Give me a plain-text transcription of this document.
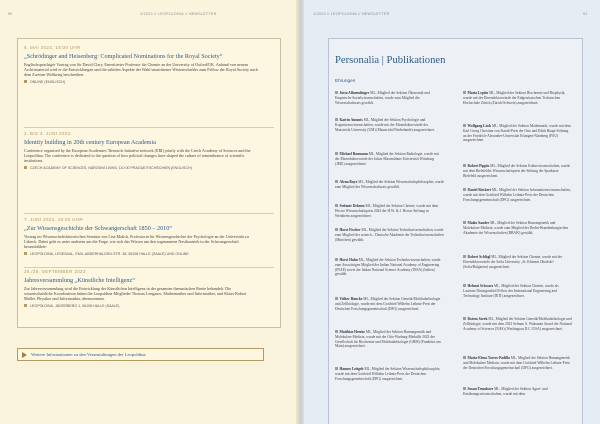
90	1/2023 // LEOPOLDINA // NEWSLETTER	1/2023 // LEOPOLDINA // NEWSLETTER	91
6. MAI 2023, 18:00 UHR
„Schrödinger and Heisenberg: Complicated Nominations for the Royal Society“
Englischsprachiger Vortrag von Sir David Clary, Emeritierter Professor für Chemie an der University of Oxford/UK. Anhand von neuem Archivmaterial wird er die Entwicklungen und die subtilen Aspekte der Wahl umstrittener Wissenschaftler zum Fellow der Royal Society nach dem Zweiten Weltkrieg beschreiben.
ONLINE (ENGLISCH)
2. BIS 4. JUNI 2023
Identity building in 20th century European Academia
Conference organised by the European Academies' Research Initiative network (ERI) jointly with the Czech Academy of Sciences and the Leopoldina. The conference is dedicated to the question of how political changes have shaped the culture of remembrance of scientific institutions.
CZECH ACADEMY OF SCIENCES, NÁRODNÍ 1009/3, 110 00 PRAGUE/TSCHECHIEN (ENGLISCH)
7. JUNI 2023, 18:00 UHR
„Zur Wissensgeschichte der Schwangerschaft 1850 – 2010“
Vortrag im Wissenschaftshistorischen Seminar von Lisa Malich, Professorin für Wissensgeschichte der Psychologie an der Universität zu Lübeck. Dabei geht es unter anderem um die Frage, wie sich das Wissen um den sogenannten Nestbautrieb in der Schwangerschaft herausbildete.
LEOPOLDINA, LESESAAL, EMIL-ABDERHALDEN-STR. 36, 06108 HALLE (SAALE) UND ONLINE
25./26. SEPTEMBER 2023
Jahresversammlung „Künstliche Intelligenz“
Zur Jahresversammlung wird die Entwicklung der Künstlichen Intelligenz in der gesamten thematischen Breite behandelt. Die wissenschaftliche Koordination haben die Leopoldina-Mitglieder Thomas Lengauer, Mathematiker und Informatiker, und Klaus-Robert Müller, Physiker und Informatiker, übernommen.
LEOPOLDINA, JÄGERBERG 1, 06108 HALLE (SAALE)
Weitere Informationen zu den Veranstaltungen der Leopoldina
Personalia | Publikationen
Ehrungen
Jutta Allmendinger ML, Mitglied der Sektion Ökonomik und Empirische Sozialwissenschaften, wurde zum Mitglied des Wissenschaftsrats gewählt.
Katrin Amunts ML, Mitglied der Sektion Psychologie und Kognitionswissenschaften, wurde mit der Ehrendoktorwürde der Maastricht University (UM) (Maastricht/Niederlande) ausgezeichnet.
Michael Baumann ML, Mitglied der Sektion Radiologie, wurde mit der Ehrendoktorwürde der Julius-Maximilians-Universität Würzburg (JMU) ausgezeichnet.
Alena Buyx ML, Mitglied der Sektion Wissenschaftsphilosophie, wurde zum Mitglied des Wissenschaftsrats gewählt.
Stefanie Dehnen ML, Mitglied der Sektion Chemie, wurde mit dem Hector Wissenschaftspreis 2024 der H.W. & J. Hector Stiftung in Weinheim ausgezeichnet.
Horst Fischer ML, Mitglied der Sektion Technikwissenschaften, wurde zum Mitglied der acatech – Deutsche Akademie der Technikwissenschaften (München) gewählt.
Horst Hahn ML, Mitglied der Sektion Technikwissenschaften, wurde zum Auswärtigen Mitglied der Indian National Academy of Engineering (INAE) sowie der Indian National Science Academy (INSA) (Indien) gewählt.
Volker Haucke ML, Mitglied der Sektion Genetik/Molekularbiologie und Zellbiologie, wurde mit dem Gottfried Wilhelm Leibniz-Preis der Deutschen Forschungsgemeinschaft (DFG) ausgezeichnet.
Matthias Hentze ML, Mitglied der Sektion Humangenetik und Molekulare Medizin, wurde mit der Otto-Warburg-Medaille 2023 der Gesellschaft für Biochemie und Molekularbiologie (GBM) (Frankfurt am Main) ausgezeichnet.
Hannes Leitgeb ML, Mitglied der Sektion Wissenschaftsphilosophie, wurde mit dem Gottfried Wilhelm Leibniz-Preis der Deutschen Forschungsgemeinschaft (DFG) ausgezeichnet.
Maria Leptin ML, Mitglied der Sektion Biochemie und Biophysik, wurde mit der Ehrendoktorwürde der Eidgenössischen Technischen Hochschule Zürich (Zürich/Schweiz) ausgezeichnet.
Wolfgang Lück ML, Mitglied der Sektion Mathematik, wurde mit dem Karl Georg Christian von Staudt-Preis der Otto und Edith Haupt-Stiftung an der Friedrich-Alexander-Universität Erlangen-Nürnberg (FAU) ausgezeichnet.
Robert Pippin ML, Mitglied der Sektion Kulturwissenschaften, wurde mit dem Bielefelder Wissenschaftspreis der Stiftung der Sparkasse Bielefeld ausgezeichnet.
Daniel Rückert ML, Mitglied der Sektion Informationswissenschaften, wurde mit dem Gottfried Wilhelm Leibniz-Preis der Deutschen Forschungsgemeinschaft (DFG) ausgezeichnet.
Maike Sander ML, Mitglied der Sektion Humangenetik und Molekulare Medizin, wurde zum Mitglied der Berlin-Brandenburgischen Akademie der Wissenschaften (BBAW) gewählt.
Robert Schlögl ML, Mitglied der Sektion Chemie, wurde mit der Ehrendoktorwürde der Sofia University „St. Kliment Ohridski“ (Sofia/Bulgarien) ausgezeichnet.
Helmut Schwarz ML, Mitglied der Sektion Chemie, wurde als Laureate Distinguished Fellow des International Engineering and Technology Institute (IETI) ausgezeichnet.
Rotem Sorek ML, Mitglied der Sektion Genetik/Molekularbiologie und Zellbiologie, wurde mit dem 2023 Selman A. Waksman Award der National Academy of Sciences (NAS) (Washington D.C./USA) ausgezeichnet.
Maria-Elena Torres-Padilla ML, Mitglied der Sektion Humangenetik und Molekulare Medizin, wurde mit dem Gottfried Wilhelm Leibniz-Preis der Deutschen Forschungsgemeinschaft (DFG) ausgezeichnet.
Susan Trumbore ML, Mitglied der Sektion Agrar- und Ernährungswissenschaften, wurde mit dem
